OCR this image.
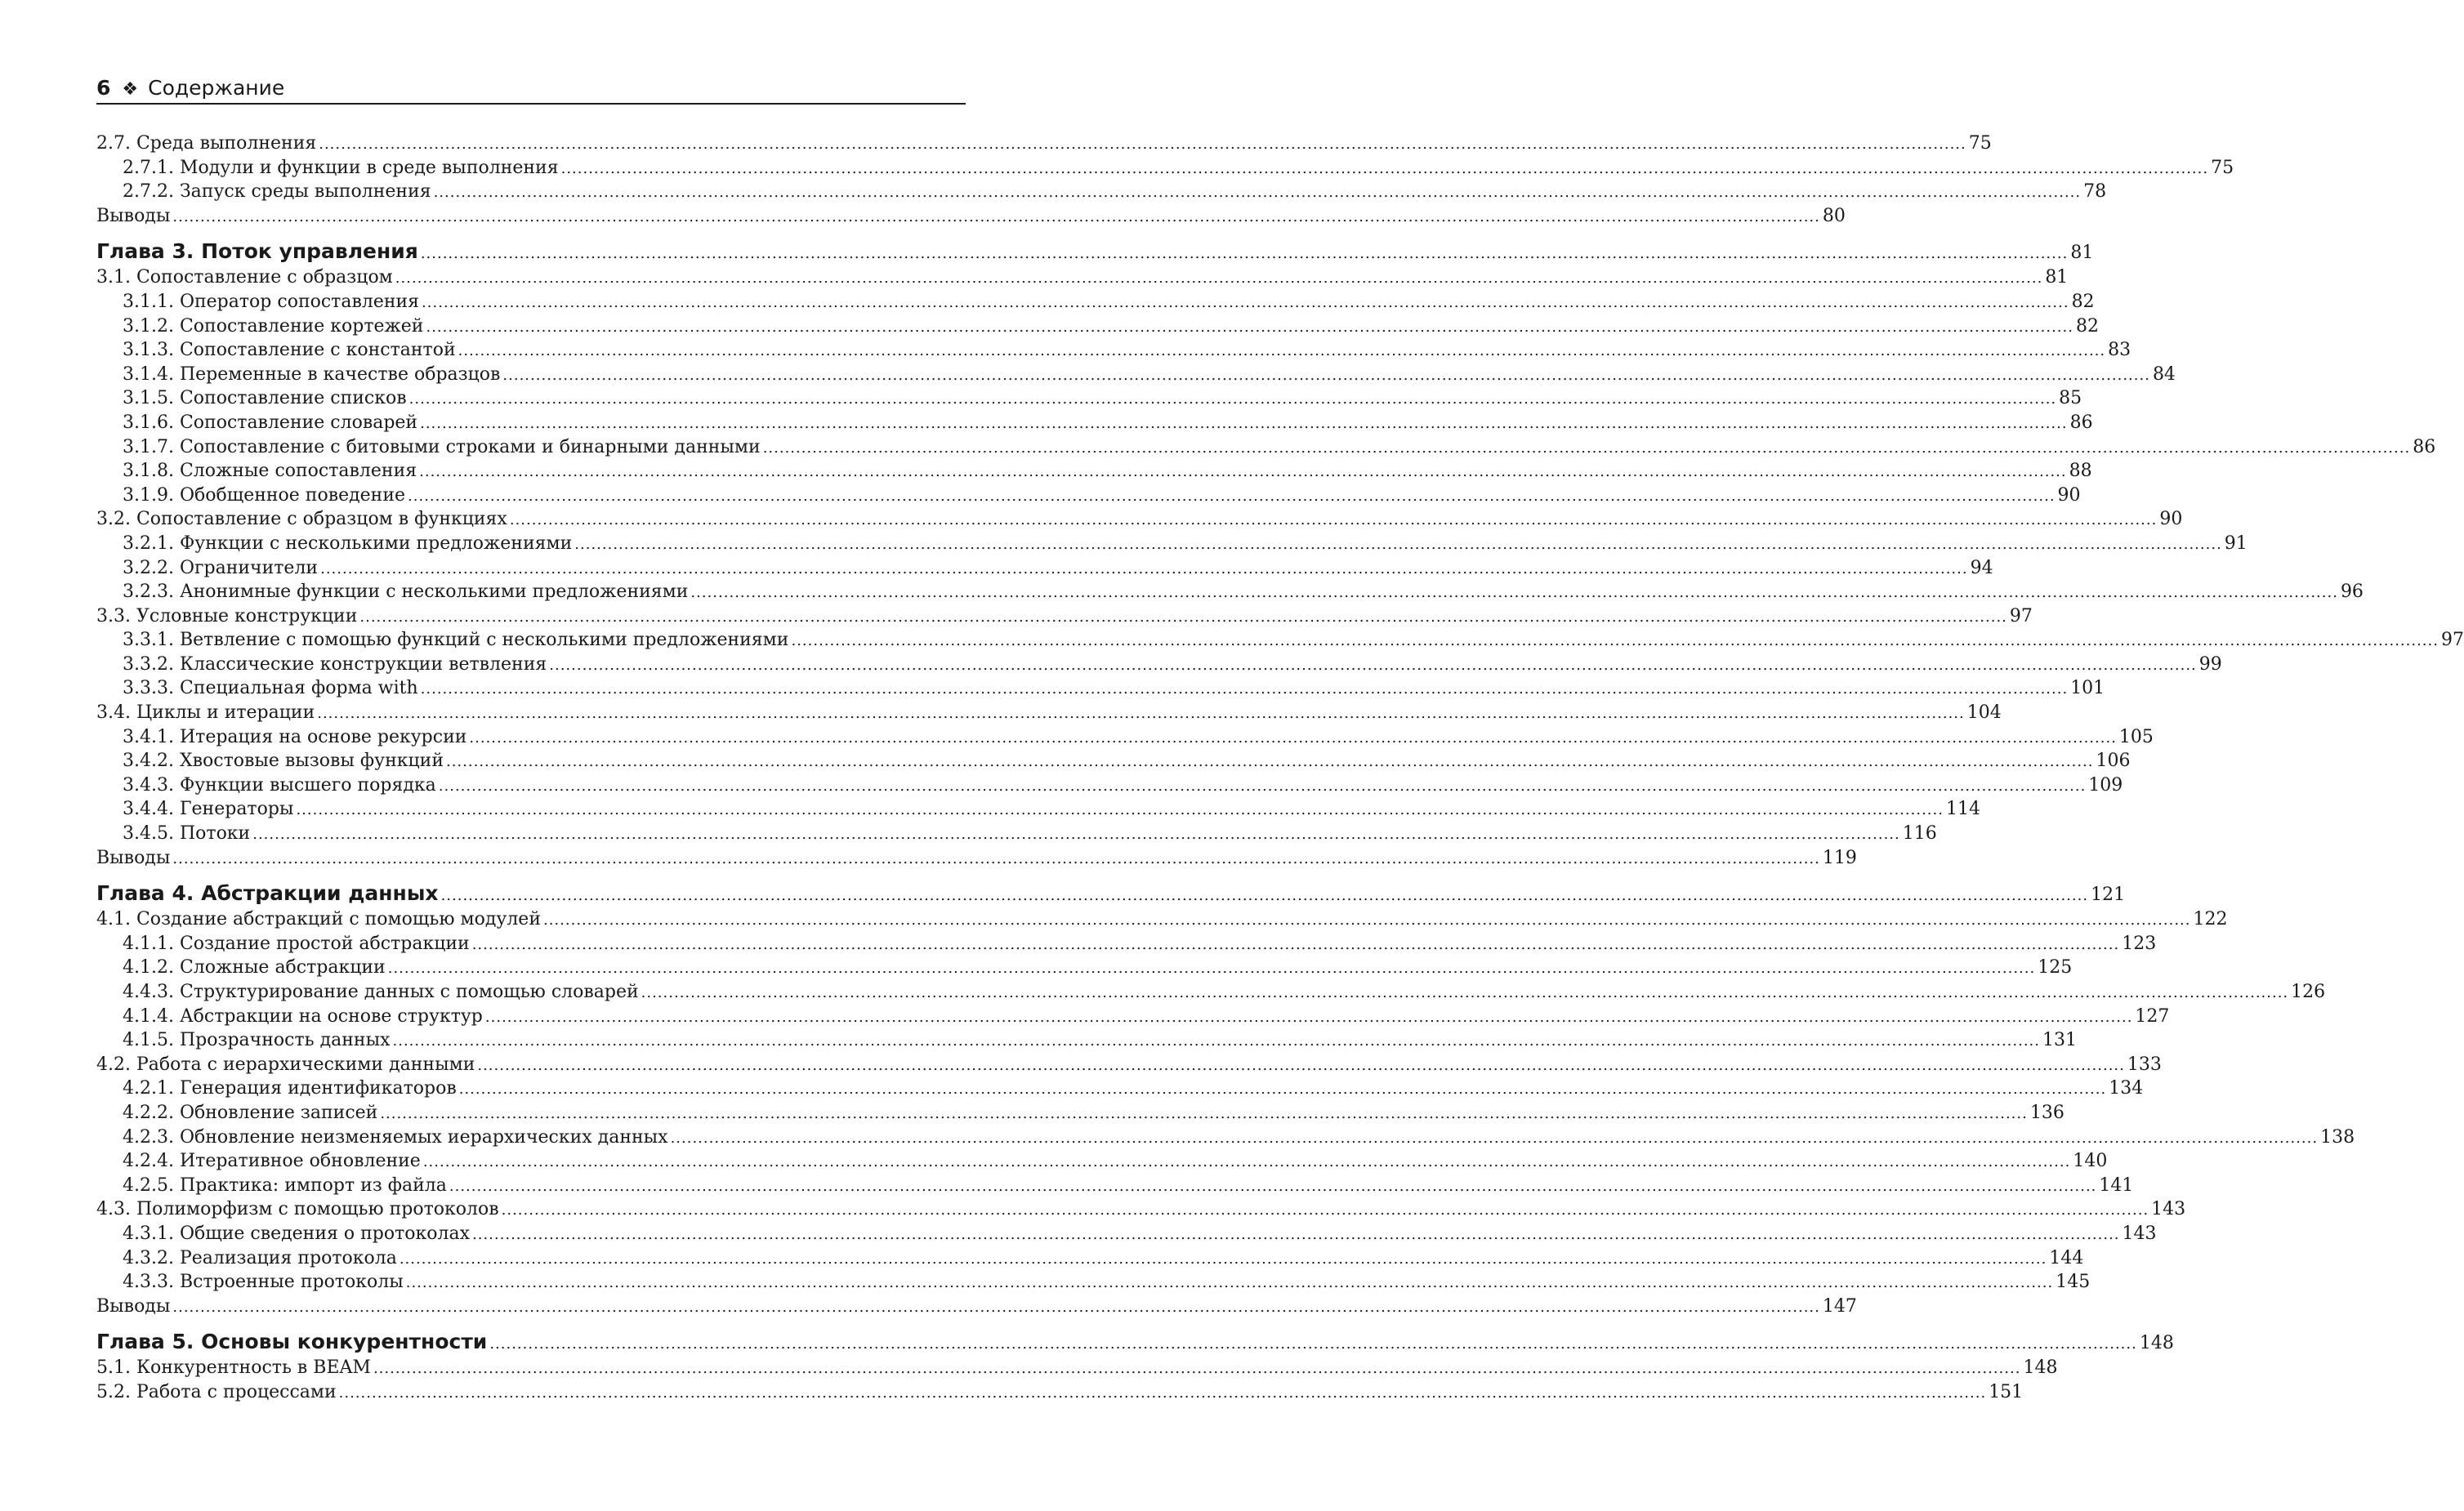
6 ❖ Содержание
2.7. Среда выполнения ............................................................................................................................................................................................................................................................................................................ 75
2.7.1. Модули и функции в среде выполнения ............................................................................................................................................................................................................................................................................................................ 75
2.7.2. Запуск среды выполнения ............................................................................................................................................................................................................................................................................................................ 78
Выводы ............................................................................................................................................................................................................................................................................................................ 80
Глава 3. Поток управления ............................................................................................................................................................................................................................................................................................................ 81
3.1. Сопоставление с образцом ............................................................................................................................................................................................................................................................................................................ 81
3.1.1. Оператор сопоставления ............................................................................................................................................................................................................................................................................................................ 82
3.1.2. Сопоставление кортежей ............................................................................................................................................................................................................................................................................................................ 82
3.1.3. Сопоставление с константой ............................................................................................................................................................................................................................................................................................................ 83
3.1.4. Переменные в качестве образцов ............................................................................................................................................................................................................................................................................................................ 84
3.1.5. Сопоставление списков ............................................................................................................................................................................................................................................................................................................ 85
3.1.6. Сопоставление словарей ............................................................................................................................................................................................................................................................................................................ 86
3.1.7. Сопоставление с битовыми строками и бинарными данными ............................................................................................................................................................................................................................................................................................................ 86
3.1.8. Сложные сопоставления ............................................................................................................................................................................................................................................................................................................ 88
3.1.9. Обобщенное поведение ............................................................................................................................................................................................................................................................................................................ 90
3.2. Сопоставление с образцом в функциях ............................................................................................................................................................................................................................................................................................................ 90
3.2.1. Функции с несколькими предложениями ............................................................................................................................................................................................................................................................................................................ 91
3.2.2. Ограничители ............................................................................................................................................................................................................................................................................................................ 94
3.2.3. Анонимные функции с несколькими предложениями ............................................................................................................................................................................................................................................................................................................ 96
3.3. Условные конструкции ............................................................................................................................................................................................................................................................................................................ 97
3.3.1. Ветвление с помощью функций с несколькими предложениями ............................................................................................................................................................................................................................................................................................................ 97
3.3.2. Классические конструкции ветвления ............................................................................................................................................................................................................................................................................................................ 99
3.3.3. Специальная форма with ............................................................................................................................................................................................................................................................................................................ 101
3.4. Циклы и итерации ............................................................................................................................................................................................................................................................................................................ 104
3.4.1. Итерация на основе рекурсии ............................................................................................................................................................................................................................................................................................................ 105
3.4.2. Хвостовые вызовы функций ............................................................................................................................................................................................................................................................................................................ 106
3.4.3. Функции высшего порядка ............................................................................................................................................................................................................................................................................................................ 109
3.4.4. Генераторы ............................................................................................................................................................................................................................................................................................................ 114
3.4.5. Потоки ............................................................................................................................................................................................................................................................................................................ 116
Выводы ............................................................................................................................................................................................................................................................................................................ 119
Глава 4. Абстракции данных ............................................................................................................................................................................................................................................................................................................ 121
4.1. Создание абстракций с помощью модулей ............................................................................................................................................................................................................................................................................................................ 122
4.1.1. Создание простой абстракции ............................................................................................................................................................................................................................................................................................................ 123
4.1.2. Сложные абстракции ............................................................................................................................................................................................................................................................................................................ 125
4.4.3. Структурирование данных с помощью словарей ............................................................................................................................................................................................................................................................................................................ 126
4.1.4. Абстракции на основе структур ............................................................................................................................................................................................................................................................................................................ 127
4.1.5. Прозрачность данных ............................................................................................................................................................................................................................................................................................................ 131
4.2. Работа с иерархическими данными ............................................................................................................................................................................................................................................................................................................ 133
4.2.1. Генерация идентификаторов ............................................................................................................................................................................................................................................................................................................ 134
4.2.2. Обновление записей ............................................................................................................................................................................................................................................................................................................ 136
4.2.3. Обновление неизменяемых иерархических данных ............................................................................................................................................................................................................................................................................................................ 138
4.2.4. Итеративное обновление ............................................................................................................................................................................................................................................................................................................ 140
4.2.5. Практика: импорт из файла ............................................................................................................................................................................................................................................................................................................ 141
4.3. Полиморфизм с помощью протоколов ............................................................................................................................................................................................................................................................................................................ 143
4.3.1. Общие сведения о протоколах ............................................................................................................................................................................................................................................................................................................ 143
4.3.2. Реализация протокола ............................................................................................................................................................................................................................................................................................................ 144
4.3.3. Встроенные протоколы ............................................................................................................................................................................................................................................................................................................ 145
Выводы ............................................................................................................................................................................................................................................................................................................ 147
Глава 5. Основы конкурентности ............................................................................................................................................................................................................................................................................................................ 148
5.1. Конкурентность в BEAM ............................................................................................................................................................................................................................................................................................................ 148
5.2. Работа с процессами ............................................................................................................................................................................................................................................................................................................ 151
